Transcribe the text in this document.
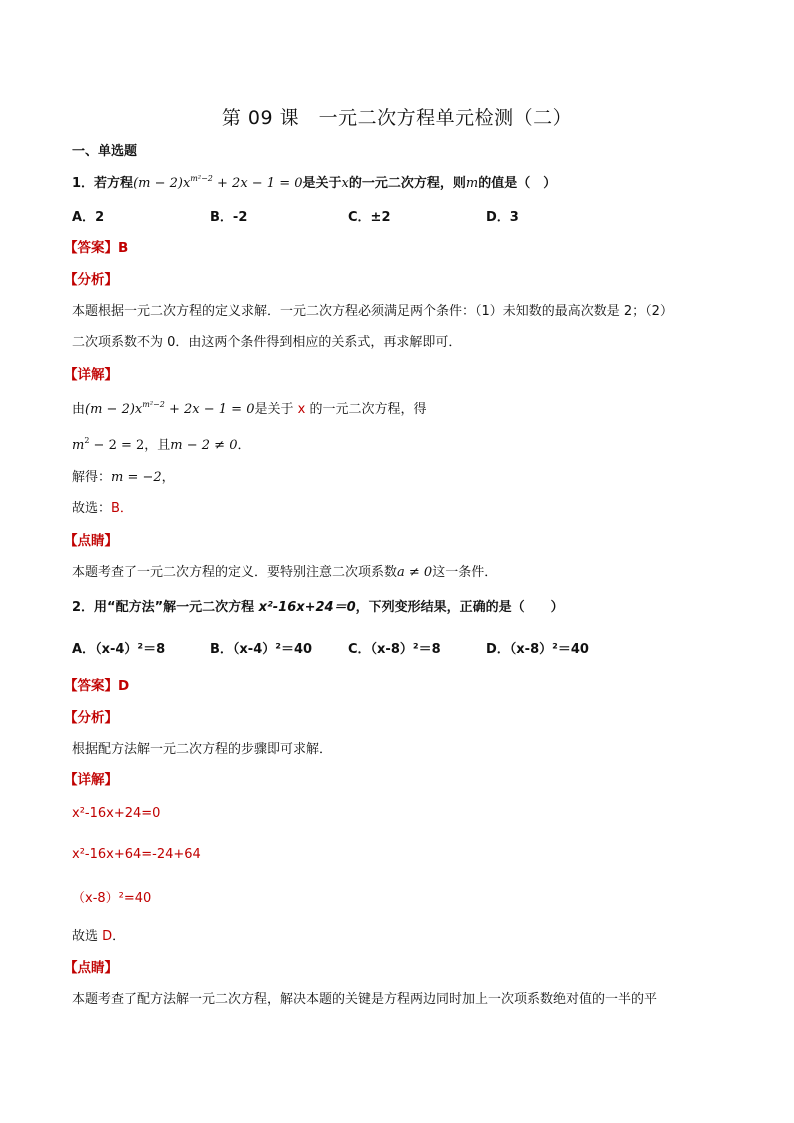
第 09 课　一元二次方程单元检测（二）
一、单选题
1．若方程$(m - 2)x^{m^2-2} + 2x - 1 = 0$是关于x的一元二次方程，则m的值是（　）
A．2	B．-2	C．±2	D．3
【答案】B
【分析】
本题根据一元二次方程的定义求解．一元二次方程必须满足两个条件：（1）未知数的最高次数是 2；（2）
二次项系数不为 0．由这两个条件得到相应的关系式，再求解即可．
【详解】
由$(m - 2)x^{m^2-2} + 2x - 1 = 0$是关于 x 的一元二次方程，得
$m^2 - 2 = 2$，且m − 2 ≠ 0．
解得：m = −2，
故选：B．
【点睛】
本题考查了一元二次方程的定义．要特别注意二次项系数a ≠ 0这一条件．
2．用“配方法”解一元二次方程 x²-16x+24＝0，下列变形结果，正确的是（　　）
A．（x-4）²＝8	B．（x-4）²＝40	C．（x-8）²＝8	D．（x-8）²＝40
【答案】D
【分析】
根据配方法解一元二次方程的步骤即可求解．
【详解】
x²-16x+24=0
x²-16x+64=-24+64
（x-8）²=40
故选 D．
【点睛】
本题考查了配方法解一元二次方程，解决本题的关键是方程两边同时加上一次项系数绝对值的一半的平
